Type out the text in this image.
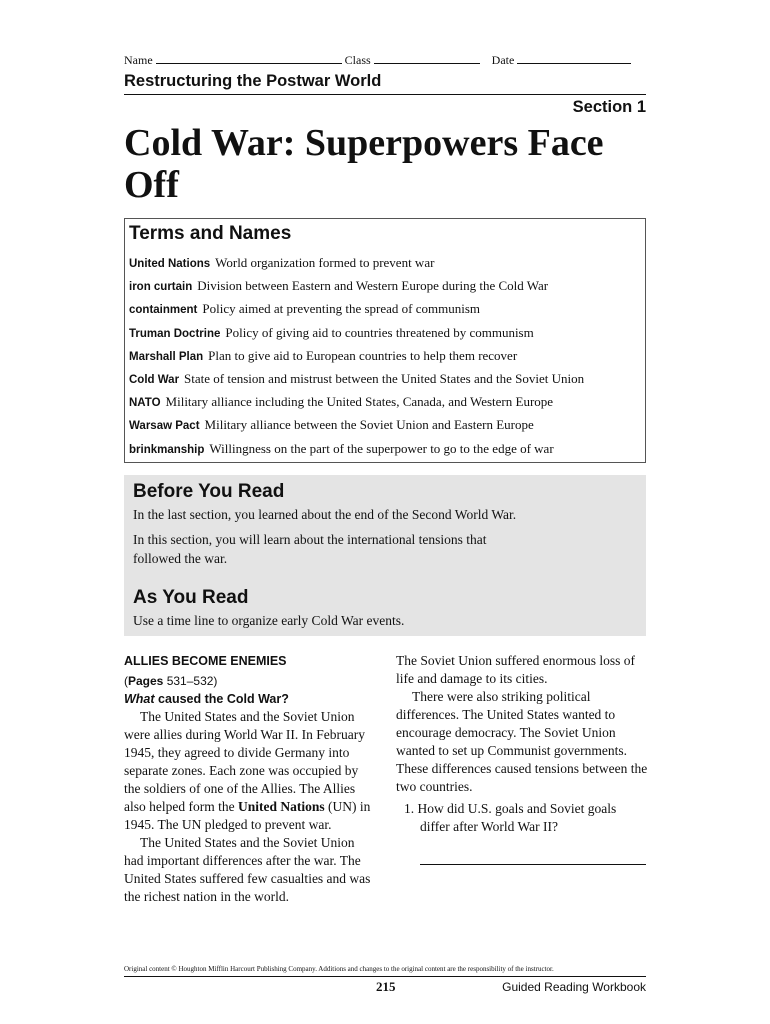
Name	Class	Date
Restructuring the Postwar World
Section 1
Cold War: Superpowers Face Off
Terms and Names
United Nations World organization formed to prevent war
iron curtain Division between Eastern and Western Europe during the Cold War
containment Policy aimed at preventing the spread of communism
Truman Doctrine Policy of giving aid to countries threatened by communism
Marshall Plan Plan to give aid to European countries to help them recover
Cold War State of tension and mistrust between the United States and the Soviet Union
NATO Military alliance including the United States, Canada, and Western Europe
Warsaw Pact Military alliance between the Soviet Union and Eastern Europe
brinkmanship Willingness on the part of the superpower to go to the edge of war
Before You Read

In the last section, you learned about the end of the Second World War.

In this section, you will learn about the international tensions that

followed the war.

As You Read

Use a time line to organize early Cold War events.

ALLIES BECOME ENEMIES

(Pages 531–532)

What caused the Cold War?

The United States and the Soviet Union were allies during World War II. In February 1945, they agreed to divide Germany into separate zones. Each zone was occupied by the soldiers of one of the Allies. The Allies also helped form the United Nations (UN) in 1945. The UN pledged to prevent war.

The United States and the Soviet Union had important differences after the war. The United States suffered few casualties and was the richest nation in the world.

The Soviet Union suffered enormous loss of life and damage to its cities.

There were also striking political differences. The United States wanted to encourage democracy. The Soviet Union wanted to set up Communist governments. These differences caused tensions between the two countries.

1. How did U.S. goals and Soviet goals differ after World War II?
Original content © Houghton Mifflin Harcourt Publishing Company. Additions and changes to the original content are the responsibility of the instructor.
215	Guided Reading Workbook
